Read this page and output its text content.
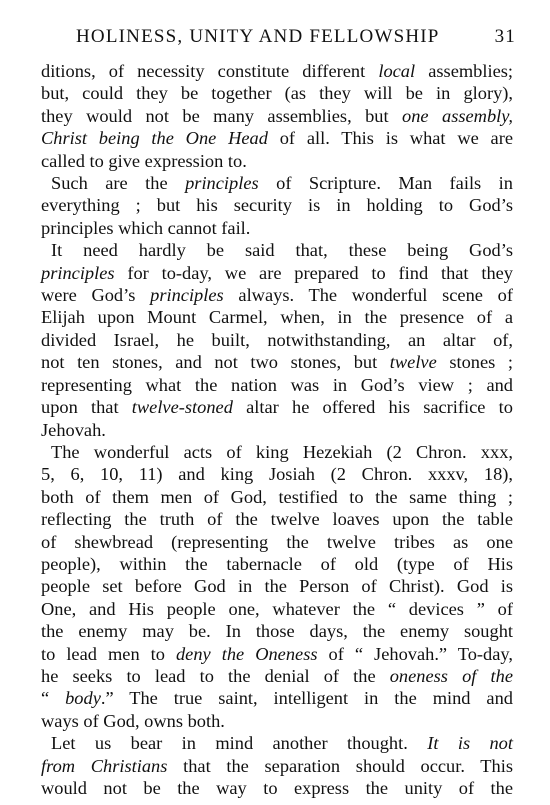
HOLINESS, UNITY AND FELLOWSHIP	31
ditions, of necessity constitute different local assemblies;
but, could they be together (as they will be in glory),
they would not be many assemblies, but one assembly,
Christ being the One Head of all. This is what we are
called to give expression to.
Such are the principles of Scripture. Man fails in
everything ; but his security is in holding to God’s
principles which cannot fail.
It need hardly be said that, these being God’s
principles for to-day, we are prepared to find that they
were God’s principles always. The wonderful scene of
Elijah upon Mount Carmel, when, in the presence of a
divided Israel, he built, notwithstanding, an altar of,
not ten stones, and not two stones, but twelve stones ;
representing what the nation was in God’s view ; and
upon that twelve-stoned altar he offered his sacrifice to
Jehovah.
The wonderful acts of king Hezekiah (2 Chron. xxx,
5, 6, 10, 11) and king Josiah (2 Chron. xxxv, 18),
both of them men of God, testified to the same thing ;
reflecting the truth of the twelve loaves upon the table
of shewbread (representing the twelve tribes as one
people), within the tabernacle of old (type of His
people set before God in the Person of Christ). God is
One, and His people one, whatever the “ devices ” of
the enemy may be. In those days, the enemy sought
to lead men to deny the Oneness of “ Jehovah.” To-day,
he seeks to lead to the denial of the oneness of the
“ body.” The true saint, intelligent in the mind and
ways of God, owns both.
Let us bear in mind another thought. It is not
from Christians that the separation should occur. This
would not be the way to express the unity of the
